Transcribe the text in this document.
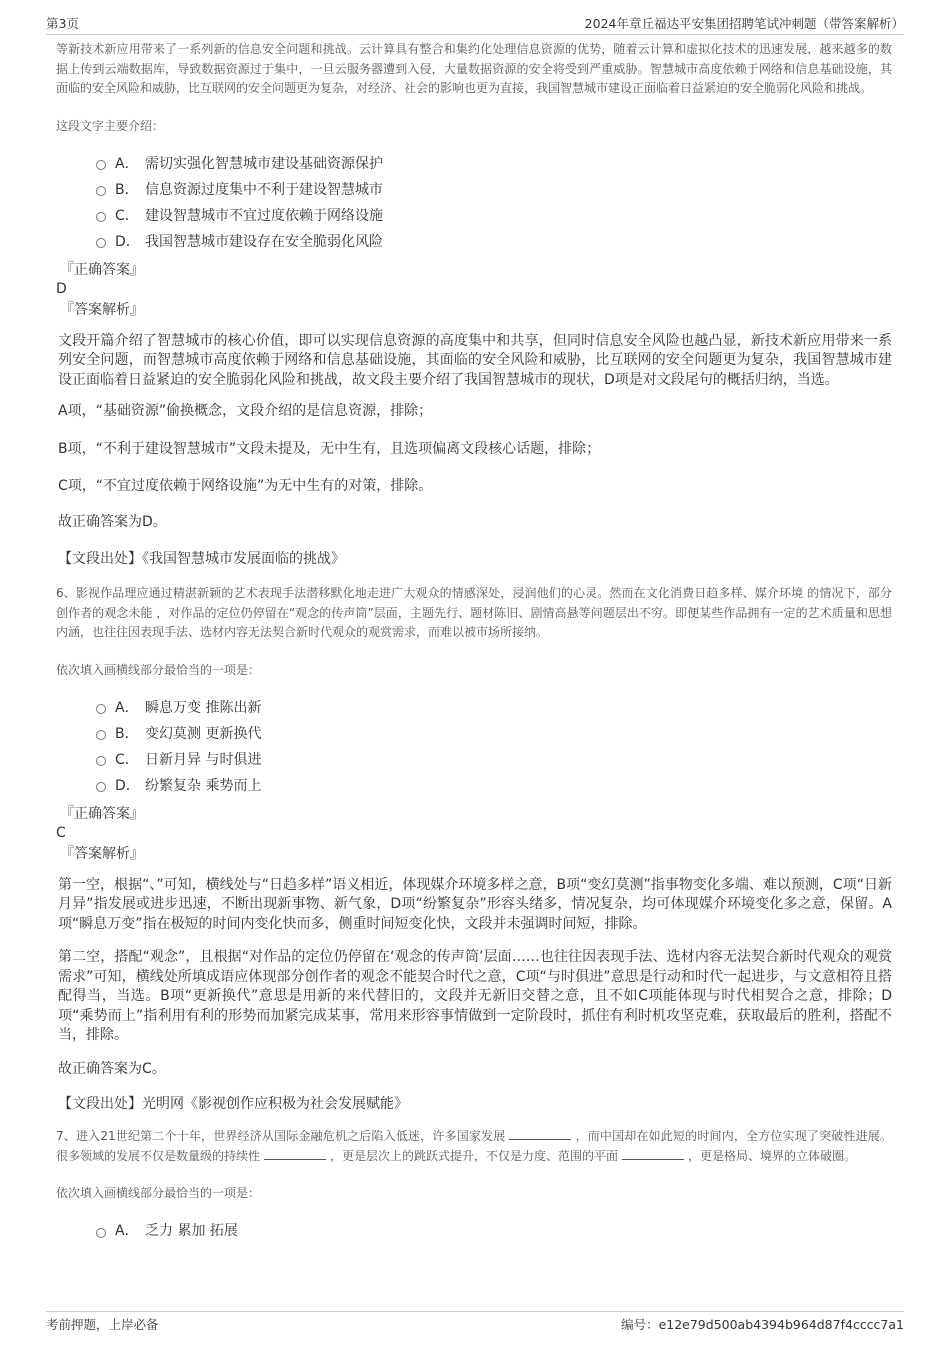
第3页	2024年章丘福达平安集团招聘笔试冲刺题（带答案解析）

等新技术新应用带来了一系列新的信息安全问题和挑战。云计算具有整合和集约化处理信息资源的优势，随着云计算和虚拟化技术的迅速发展，越来越多的数据上传到云端数据库，导致数据资源过于集中，一旦云服务器遭到入侵，大量数据资源的安全将受到严重威胁。智慧城市高度依赖于网络和信息基础设施，其面临的安全风险和威胁，比互联网的安全问题更为复杂，对经济、社会的影响也更为直接，我国智慧城市建设正面临着日益紧迫的安全脆弱化风险和挑战。

这段文字主要介绍：

A． 需切实强化智慧城市建设基础资源保护
B． 信息资源过度集中不利于建设智慧城市
C． 建设智慧城市不宜过度依赖于网络设施
D． 我国智慧城市建设存在安全脆弱化风险
『正确答案』
D
『答案解析』

文段开篇介绍了智慧城市的核心价值，即可以实现信息资源的高度集中和共享，但同时信息安全风险也越凸显，新技术新应用带来一系列安全问题，而智慧城市高度依赖于网络和信息基础设施，其面临的安全风险和威胁，比互联网的安全问题更为复杂，我国智慧城市建设正面临着日益紧迫的安全脆弱化风险和挑战，故文段主要介绍了我国智慧城市的现状，D项是对文段尾句的概括归纳，当选。

A项，“基础资源”偷换概念，文段介绍的是信息资源，排除；

B项，“不利于建设智慧城市”文段未提及，无中生有，且选项偏离文段核心话题，排除；

C项，“不宜过度依赖于网络设施”为无中生有的对策，排除。

故正确答案为D。

【文段出处】《我国智慧城市发展面临的挑战》

6、影视作品理应通过精湛新颖的艺术表现手法潜移默化地走进广大观众的情感深处，浸润他们的心灵。然而在文化消费日趋多样、媒介环境 的情况下，部分创作者的观念未能 ，对作品的定位仍停留在“观念的传声筒”层面，主题先行、题材陈旧、剧情高悬等问题层出不穷。即便某些作品拥有一定的艺术质量和思想内涵，也往往因表现手法、选材内容无法契合新时代观众的观赏需求，而难以被市场所接纳。

依次填入画横线部分最恰当的一项是：

A． 瞬息万变 推陈出新
B． 变幻莫测 更新换代
C． 日新月异 与时俱进
D． 纷繁复杂 乘势而上
『正确答案』
C
『答案解析』

第一空，根据“、”可知，横线处与“日趋多样”语义相近，体现媒介环境多样之意，B项“变幻莫测”指事物变化多端、难以预测，C项“日新月异”指发展或进步迅速，不断出现新事物、新气象，D项“纷繁复杂”形容头绪多，情况复杂，均可体现媒介环境变化多之意，保留。A项“瞬息万变”指在极短的时间内变化快而多，侧重时间短变化快，文段并未强调时间短，排除。

第二空，搭配“观念”，且根据“对作品的定位仍停留在‘观念的传声筒’层面……也往往因表现手法、选材内容无法契合新时代观众的观赏需求”可知，横线处所填成语应体现部分创作者的观念不能契合时代之意，C项“与时俱进”意思是行动和时代一起进步，与文意相符且搭配得当，当选。B项“更新换代”意思是用新的来代替旧的，文段并无新旧交替之意，且不如C项能体现与时代相契合之意，排除；D项“乘势而上”指利用有利的形势而加紧完成某事，常用来形容事情做到一定阶段时，抓住有利时机攻坚克难，获取最后的胜利，搭配不当，排除。

故正确答案为C。

【文段出处】光明网《影视创作应积极为社会发展赋能》

7、进入21世纪第二个十年，世界经济从国际金融危机之后陷入低迷，许多国家发展	，而中国却在如此短的时间内，全方位实现了突破性进展。很多领域的发展不仅是数量级的持续性	，更是层次上的跳跃式提升，不仅是力度、范围的平面	，更是格局、境界的立体破圈。

依次填入画横线部分最恰当的一项是：

A． 乏力 累加 拓展
考前押题，上岸必备	编号：e12e79d500ab4394b964d87f4cccc7a1
